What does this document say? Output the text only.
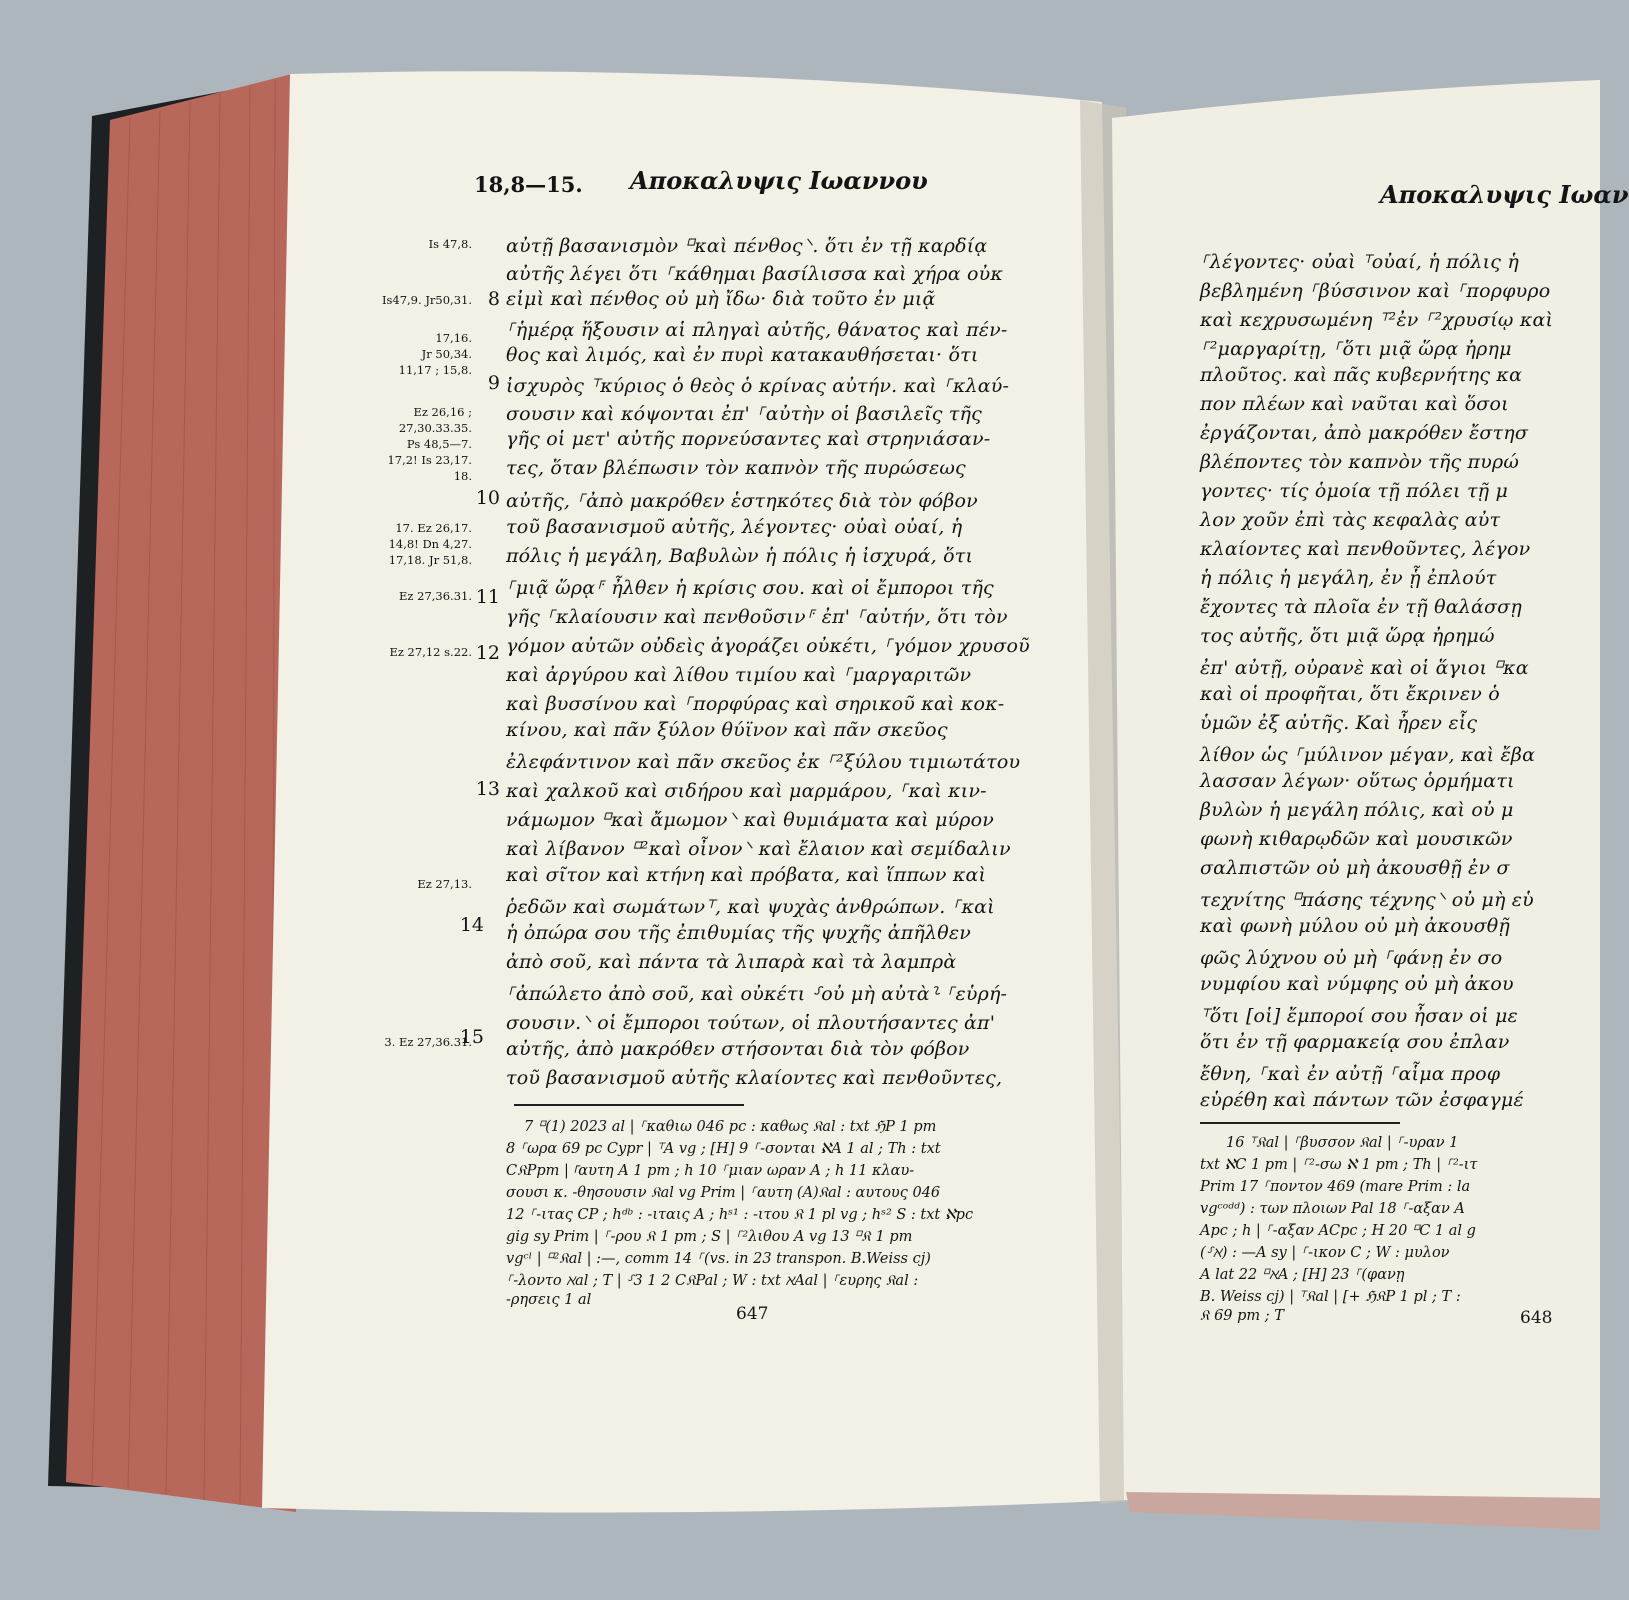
18,8—15. Αποκαλυψις Ιωαννου
Is 47,8.
Is47,9. Jr50,31.
17,16.
Jr 50,34.
11,17 ; 15,8.
Ez 26,16 ;
27,30.33.35.
Ps 48,5—7.
17,2! Is 23,17.
18.
17. Ez 26,17.
14,8! Dn 4,27.
17,18. Jr 51,8.
Ez 27,36.31.
Ez 27,12 s.22.
Ez 27,13.
3. Ez 27,36.31.
8
9
10
11
12
13
14
15
αὐτῇ βασανισμὸν ⸋καὶ πένθος⸌. ὅτι ἐν τῇ καρδίᾳ
αὐτῆς λέγει ὅτι ⸀κάθημαι βασίλισσα καὶ χήρα οὐκ
εἰμὶ καὶ πένθος οὐ μὴ ἴδω· διὰ τοῦτο ἐν μιᾷ
⸀ἡμέρᾳ ἥξουσιν αἱ πληγαὶ αὐτῆς, θάνατος καὶ πέν-
θος καὶ λιμός, καὶ ἐν πυρὶ κατακαυθήσεται· ὅτι
ἰσχυρὸς ⸆κύριος ὁ θεὸς ὁ κρίνας αὐτήν. καὶ ⸀κλαύ-
σουσιν καὶ κόψονται ἐπ' ⸀αὐτὴν οἱ βασιλεῖς τῆς
γῆς οἱ μετ' αὐτῆς πορνεύσαντες καὶ στρηνιάσαν-
τες, ὅταν βλέπωσιν τὸν καπνὸν τῆς πυρώσεως
αὐτῆς, ⸀ἀπὸ μακρόθεν ἑστηκότες διὰ τὸν φόβον
τοῦ βασανισμοῦ αὐτῆς, λέγοντες· οὐαὶ οὐαί, ἡ
πόλις ἡ μεγάλη, Βαβυλὼν ἡ πόλις ἡ ἰσχυρά, ὅτι
⸀μιᾷ ὥρᾳ⸁ ἦλθεν ἡ κρίσις σου. καὶ οἱ ἔμποροι τῆς
γῆς ⸀κλαίουσιν καὶ πενθοῦσιν⸁ ἐπ' ⸀αὐτήν, ὅτι τὸν
γόμον αὐτῶν οὐδεὶς ἀγοράζει οὐκέτι, ⸀γόμον χρυσοῦ
καὶ ἀργύρου καὶ λίθου τιμίου καὶ ⸀μαργαριτῶν
καὶ βυσσίνου καὶ ⸀πορφύρας καὶ σηρικοῦ καὶ κοκ-
κίνου, καὶ πᾶν ξύλον θύϊνον καὶ πᾶν σκεῦος
ἐλεφάντινον καὶ πᾶν σκεῦος ἐκ ⸀²ξύλου τιμιωτάτου
καὶ χαλκοῦ καὶ σιδήρου καὶ μαρμάρου, ⸀καὶ κιν-
νάμωμον ⸋καὶ ἄμωμον⸌ καὶ θυμιάματα καὶ μύρον
καὶ λίβανον ⸋²καὶ οἶνον⸌ καὶ ἔλαιον καὶ σεμίδαλιν
καὶ σῖτον καὶ κτήνη καὶ πρόβατα, καὶ ἵππων καὶ
ῥεδῶν καὶ σωμάτων⸆, καὶ ψυχὰς ἀνθρώπων. ⸀καὶ
ἡ ὀπώρα σου τῆς ἐπιθυμίας τῆς ψυχῆς ἀπῆλθεν
ἀπὸ σοῦ, καὶ πάντα τὰ λιπαρὰ καὶ τὰ λαμπρὰ
⸀ἀπώλετο ἀπὸ σοῦ, καὶ οὐκέτι ⸉οὐ μὴ αὐτὰ⸊ ⸀εὑρή-
σουσιν.⸌ οἱ ἔμποροι τούτων, οἱ πλουτήσαντες ἀπ'
αὐτῆς, ἀπὸ μακρόθεν στήσονται διὰ τὸν φόβον
τοῦ βασανισμοῦ αὐτῆς κλαίοντες καὶ πενθοῦντες,
7 ⸋(1) 2023 al | ⸀καθιω 046 pc : καθως 𝔎al : txt ℌP 1 pm
8 ⸀ωρα 69 pc Cypr | ⸆A vg ; [H] 9 ⸀-σονται ℵA 1 al ; Th : txt
C𝔎Ppm | ⸀αυτη A 1 pm ; h 10 ⸀μιαν ωραν A ; h 11 κλαυ-
σουσι κ. -θησουσιν 𝔎al vg Prim | ⸀αυτη (A)𝔎al : αυτους 046
12 ⸀-ιτας CP ; hᵈᵇ : -ιταις A ; hˢ¹ : -ιτου 𝔎 1 pl vg ; hˢ² S : txt ℵpc
gig sy Prim | ⸀-ρου 𝔎 1 pm ; S | ⸀²λιθου A vg 13 ⸋𝔎 1 pm
vgᶜˡ | ⸋²𝔎al | :—, comm 14 ⸀(vs. in 23 transpon. B.Weiss cj)
⸀-λοντο ℵal ; T | ⸉3 1 2 C𝔎Pal ; W : txt ℵAal | ⸀ευρης 𝔎al :
-ρησεις 1 al
647
Αποκαλυψις Ιωαν
⸀λέγοντες· οὐαὶ ⸆οὐαί, ἡ πόλις ἡ
βεβλημένη ⸀βύσσινον καὶ ⸀πορφυρο
καὶ κεχρυσωμένη ⸆²ἐν ⸀²χρυσίῳ καὶ
⸀²μαργαρίτῃ, ⸀ὅτι μιᾷ ὥρᾳ ἠρημ
πλοῦτος. καὶ πᾶς κυβερνήτης κα
πον πλέων καὶ ναῦται καὶ ὅσοι
ἐργάζονται, ἀπὸ μακρόθεν ἔστησ
βλέποντες τὸν καπνὸν τῆς πυρώ
γοντες· τίς ὁμοία τῇ πόλει τῇ μ
λον χοῦν ἐπὶ τὰς κεφαλὰς αὐτ
κλαίοντες καὶ πενθοῦντες, λέγον
ἡ πόλις ἡ μεγάλη, ἐν ᾗ ἐπλούτ
ἔχοντες τὰ πλοῖα ἐν τῇ θαλάσσῃ
τος αὐτῆς, ὅτι μιᾷ ὥρᾳ ἠρημώ
ἐπ' αὐτῇ, οὐρανὲ καὶ οἱ ἅγιοι ⸋κα
καὶ οἱ προφῆται, ὅτι ἔκρινεν ὁ
ὑμῶν ἐξ αὐτῆς. Καὶ ἦρεν εἷς
λίθον ὡς ⸀μύλινον μέγαν, καὶ ἔβα
λασσαν λέγων· οὕτως ὁρμήματι
βυλὼν ἡ μεγάλη πόλις, καὶ οὐ μ
φωνὴ κιθαρῳδῶν καὶ μουσικῶν
σαλπιστῶν οὐ μὴ ἀκουσθῇ ἐν σ
τεχνίτης ⸋πάσης τέχνης⸌ οὐ μὴ εὑ
καὶ φωνὴ μύλου οὐ μὴ ἀκουσθῇ
φῶς λύχνου οὐ μὴ ⸀φάνῃ ἐν σο
νυμφίου καὶ νύμφης οὐ μὴ ἀκου
⸆ὅτι [οἱ] ἔμποροί σου ἦσαν οἱ με
ὅτι ἐν τῇ φαρμακείᾳ σου ἐπλαν
ἔθνη, ⸀καὶ ἐν αὐτῇ ⸀αἷμα προφ
εὑρέθη καὶ πάντων τῶν ἐσφαγμέ
16 ⸆𝔎al | ⸀βυσσον 𝔎al | ⸀-υραν 1
txt ℵC 1 pm | ⸀²-σω ℵ 1 pm ; Th | ⸀²-ιτ
Prim 17 ⸀ποντον 469 (mare Prim : la
vgᶜᵒᵈᵈ) : των πλοιων Pal 18 ⸀-αξαν A
Apc ; h | ⸀-αξαν ACpc ; H 20 ⸋C 1 al g
(⸉ℵ) : —A sy | ⸀-ικον C ; W : μυλον
A lat 22 ⸋ℵA ; [H] 23 ⸀(φανῃ
B. Weiss cj) | ⸆𝔎al | [+ ℌ𝔎P 1 pl ; T :
𝔎 69 pm ; T	648
